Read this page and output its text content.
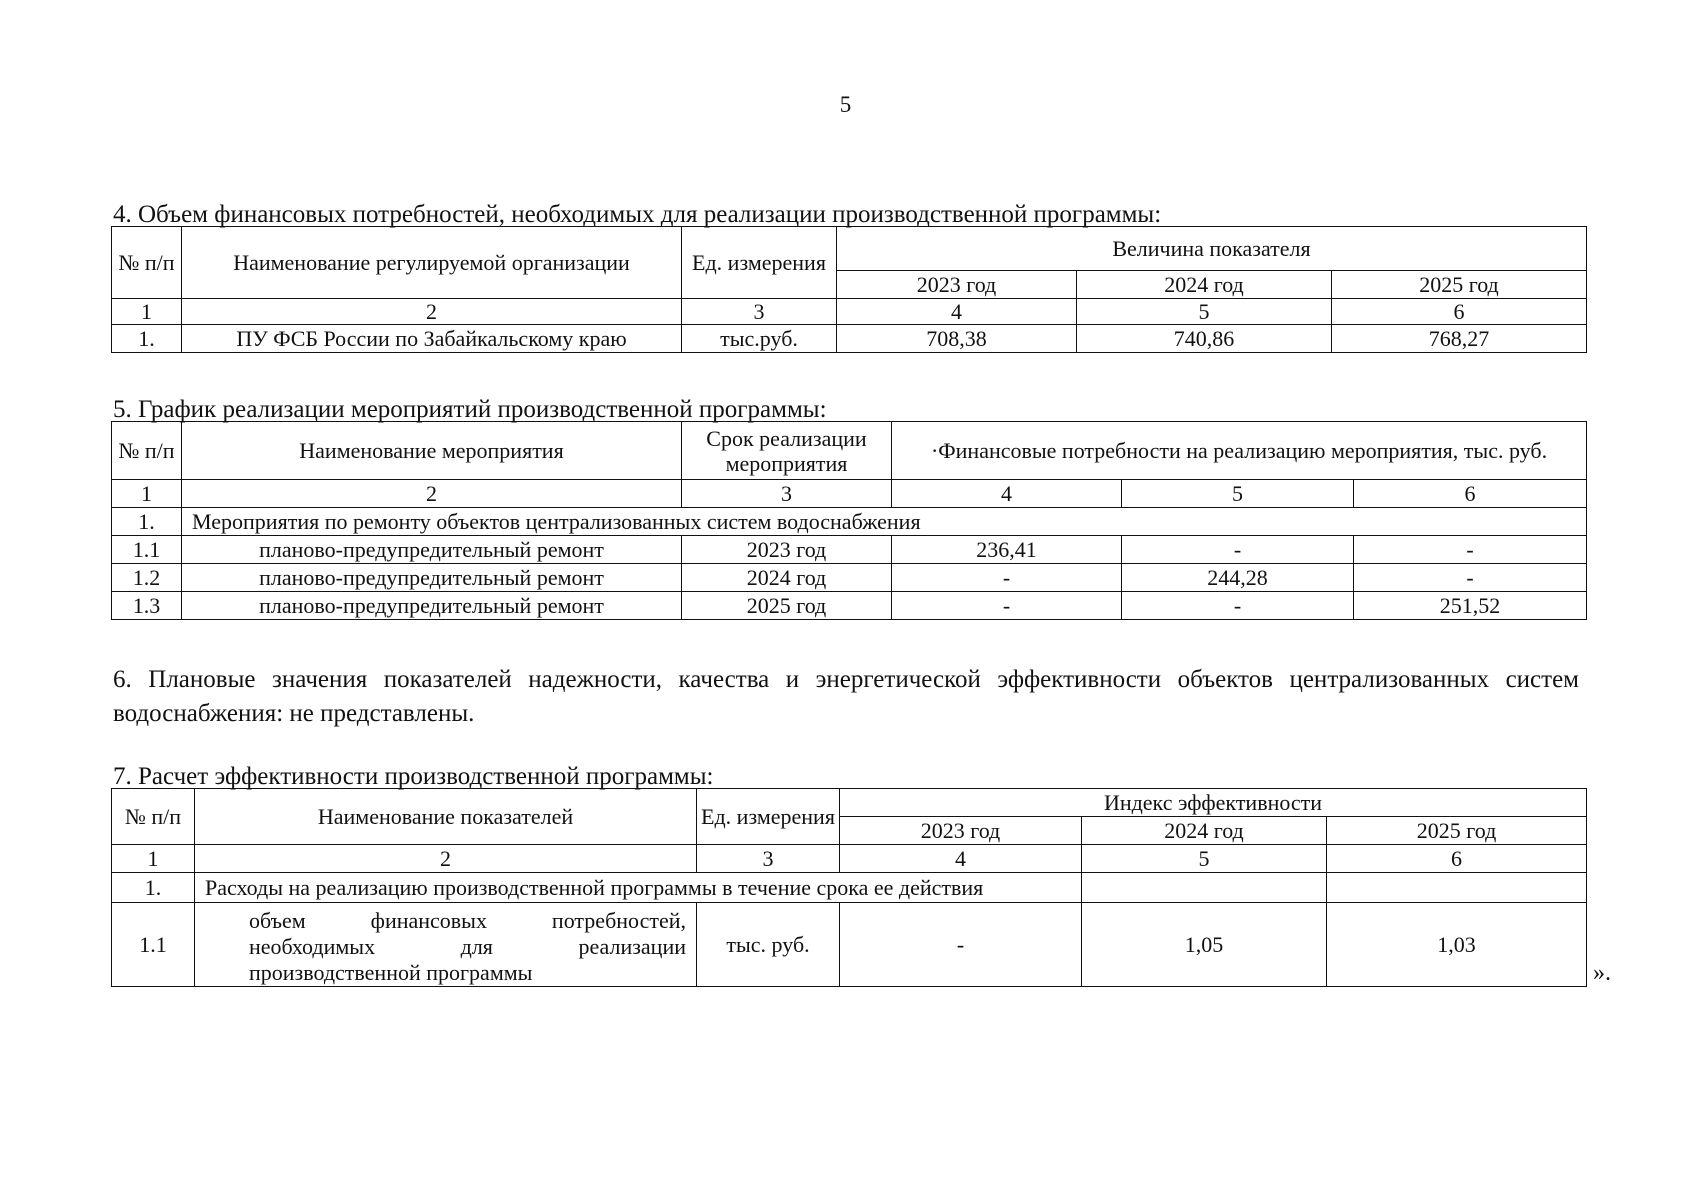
5
4. Объем финансовых потребностей, необходимых для реализации производственной программы:
№ п/п	Наименование регулируемой организации	Ед. измерения	Величина показателя		
			2023 год	2024 год	2025 год
1	2	3	4	5	6
1.	ПУ ФСБ России по Забайкальскому краю	тыс.руб.	708,38	740,86	768,27
5. График реализации мероприятий производственной программы:
№ п/п	Наименование мероприятия	Срок реализации мероприятия	·Финансовые потребности на реализацию мероприятия, тыс. руб.		
1	2	3	4	5	6
1.	Мероприятия по ремонту объектов централизованных систем водоснабжения				
1.1	планово-предупредительный ремонт	2023 год	236,41	-	-
1.2	планово-предупредительный ремонт	2024 год	-	244,28	-
1.3	планово-предупредительный ремонт	2025 год	-	-	251,52
6. Плановые значения показателей надежности, качества и энергетической эффективности объектов централизованных систем водоснабжения: не представлены.
7. Расчет эффективности производственной программы:
№ п/п	Наименование показателей	Ед. измерения	Индекс эффективности		
			2023 год	2024 год	2025 год
1	2	3	4	5	6
1.	Расходы на реализацию производственной программы в течение срока ее действия				
1.1	объем финансовых потребностей, необходимых для реализации производственной программы	тыс. руб.	-	1,05	1,03
».
